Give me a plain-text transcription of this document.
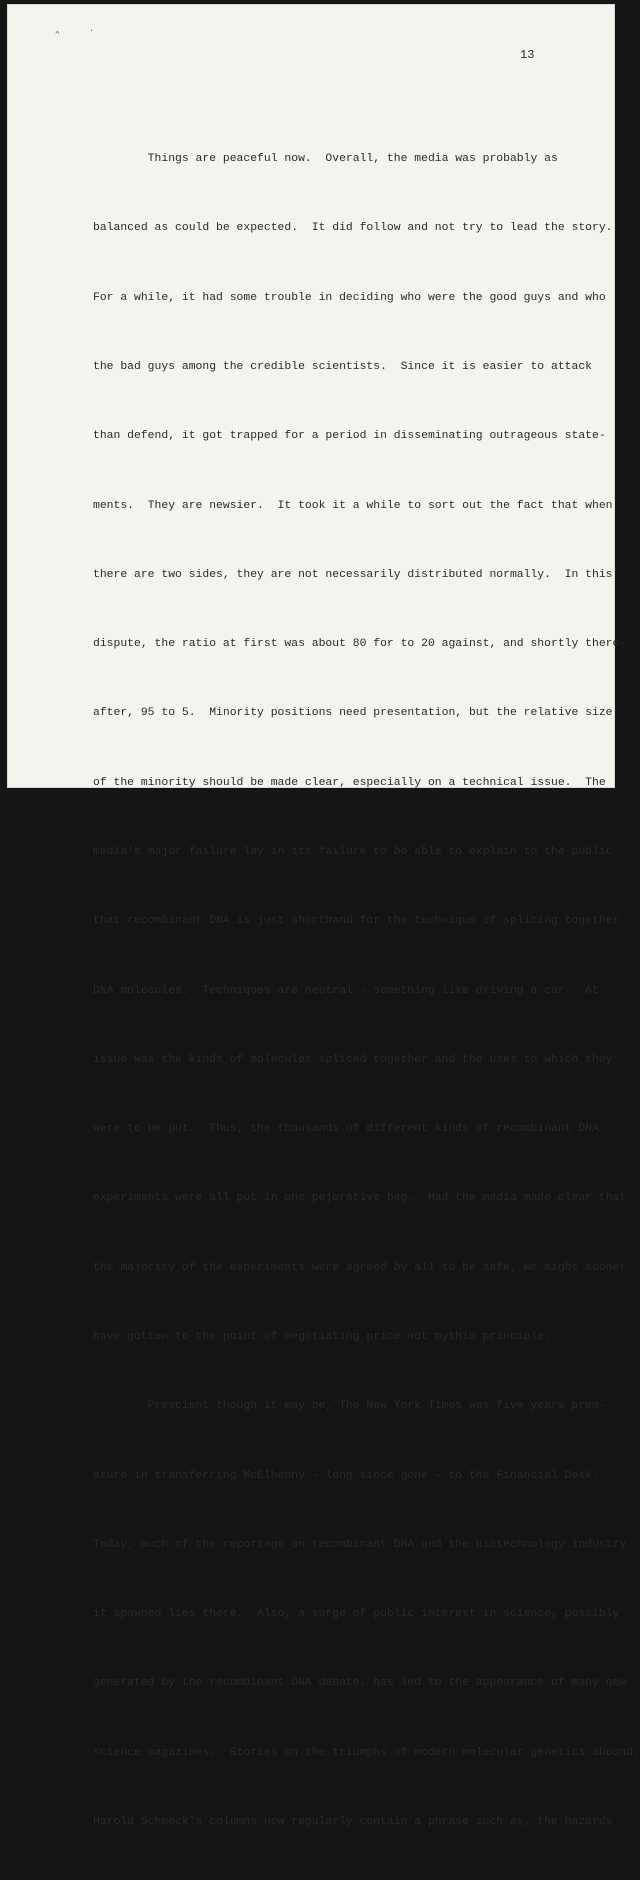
^	·
13

Things are peaceful now.  Overall, the media was probably as

balanced as could be expected.  It did follow and not try to lead the story.

For a while, it had some trouble in deciding who were the good guys and who

the bad guys among the credible scientists.  Since it is easier to attack

than defend, it got trapped for a period in disseminating outrageous state-

ments.  They are newsier.  It took it a while to sort out the fact that when

there are two sides, they are not necessarily distributed normally.  In this

dispute, the ratio at first was about 80 for to 20 against, and shortly there-

after, 95 to 5.  Minority positions need presentation, but the relative size

of the minority should be made clear, especially on a technical issue.  The

media's major failure lay in its failure to be able to explain to the public

that recombinant DNA is just shorthand for the technique of splicing together

DNA molecules.  Techniques are neutral - something like driving a car.  At

issue was the kinds of molecules spliced together and the uses to which they

were to be put.  Thus, the thousands of different kinds of recombinant DNA

experiments were all put in one pejorative bag.  Had the media made clear that

the majority of the experiments were agreed by all to be safe, we might sooner

have gotten to the point of negotiating price not mythic principle.

Prescient though it may be, The New York Times was five years prem-

ature in transferring McElhenny - long since gone - to the Financial Desk.

Today, much of the reportage on recombinant DNA and the biotechnology industry

it spawned lies there.  Also, a surge of public interest in science, possibly

generated by the recombinant DNA debate, has led to the appearance of many new

science magazines.  Stories on the triumphs of modern molecular genetics abound.

Harold Schmeck's columns now regularly contain a phrase such as, the hazards
